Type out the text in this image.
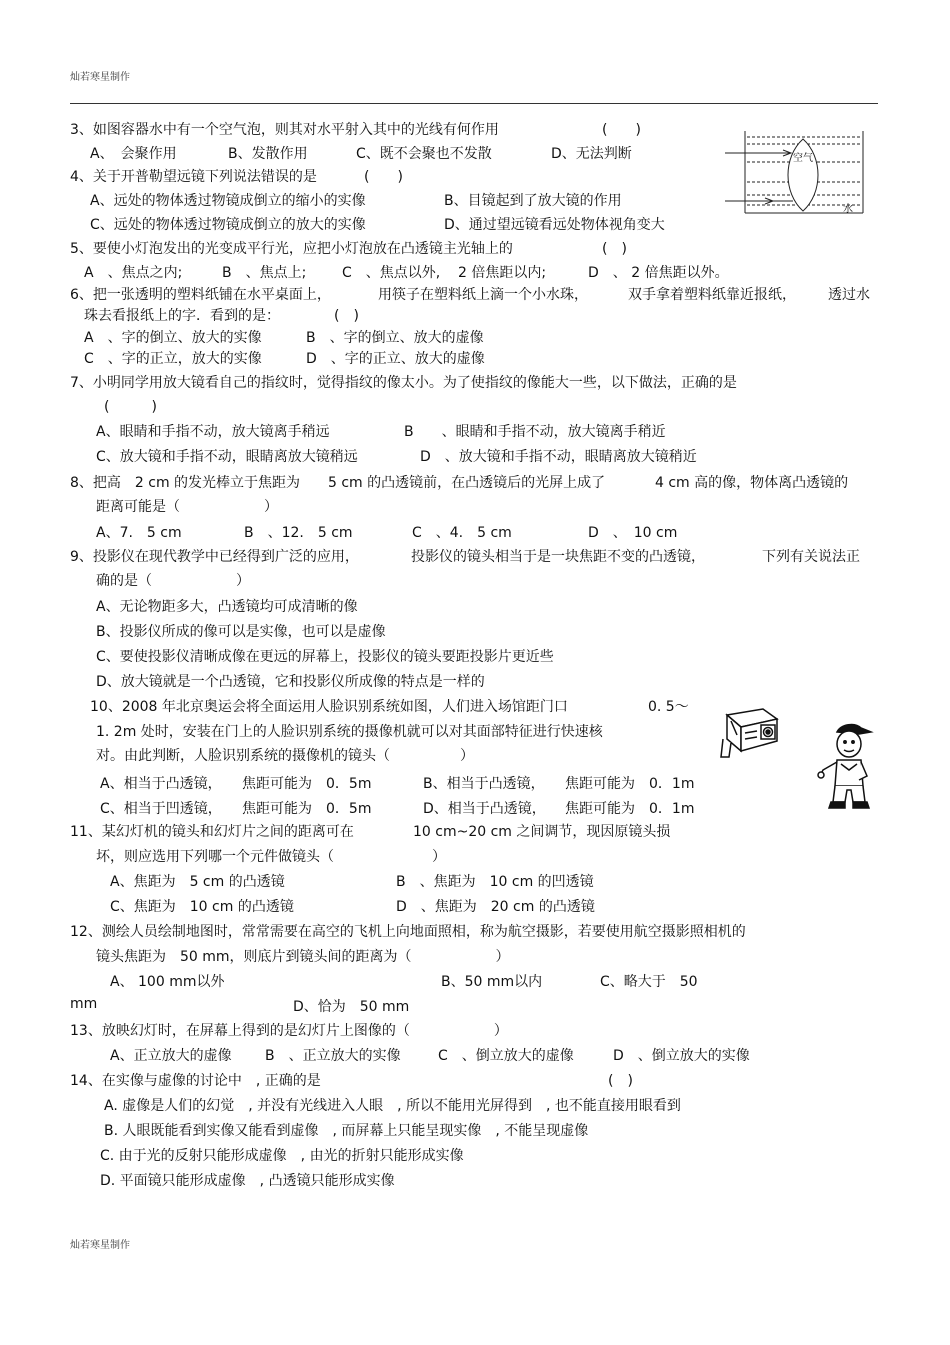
灿若寒星制作
3、如图容器水中有一个空气泡，则其对水平射入其中的光线有何作用	(　　)
A、　会聚作用	B、发散作用	C、既不会聚也不发散	D、无法判断	空气
水
4、关于开普勒望远镜下列说法错误的是	(　　)
A、远处的物体透过物镜成倒立的缩小的实像	B、目镜起到了放大镜的作用
C、远处的物体透过物镜成倒立的放大的实像	D、通过望远镜看远处物体视角变大
5、要使小灯泡发出的光变成平行光，应把小灯泡放在凸透镜主光轴上的	(　)
A　、焦点之内;	B　、焦点上;	C　、焦点以外, 2 倍焦距以内;	D　、 2 倍焦距以外。
6、把一张透明的塑料纸铺在水平桌面上，	用筷子在塑料纸上滴一个小水珠，	双手拿着塑料纸靠近报纸， 透过水
珠去看报纸上的字．看到的是：	(　)
A　、字的倒立、放大的实像	B　、字的倒立、放大的虚像
C　、字的正立，放大的实像	D　、字的正立、放大的虚像
7、小明同学用放大镜看自己的指纹时，觉得指纹的像太小。为了使指纹的像能大一些，以下做法，正确的是
(　　　)
A、眼睛和手指不动，放大镜离手稍远	B　　、眼睛和手指不动，放大镜离手稍近
C、放大镜和手指不动，眼睛离放大镜稍远	D　、放大镜和手指不动，眼睛离放大镜稍近
8、把高　2 cm 的发光棒立于焦距为 5 cm 的凸透镜前，在凸透镜后的光屏上成了	4 cm 高的像，物体离凸透镜的
距离可能是（　　　　　　）
A、7.　5 cm	B　、12.　5 cm	C　、4.　5 cm	D　、　10 cm
9、投影仪在现代教学中已经得到广泛的应用，	投影仪的镜头相当于是一块焦距不变的凸透镜，	下列有关说法正
确的是（　　　　　　）
A、无论物距多大，凸透镜均可成清晰的像
B、投影仪所成的像可以是实像，也可以是虚像
C、要使投影仪清晰成像在更远的屏幕上，投影仪的镜头要距投影片更近些
D、放大镜就是一个凸透镜，它和投影仪所成像的特点是一样的
10、2008 年北京奥运会将全面运用人脸识别系统如图，人们进入场馆距门口	0. 5～
1. 2m 处时，安装在门上的人脸识别系统的摄像机就可以对其面部特征进行快速核
对。由此判断，人脸识别系统的摄像机的镜头（　　　　　）
A、相当于凸透镜， 焦距可能为　0．5m	B、相当于凸透镜， 焦距可能为　0．1m
C、相当于凹透镜， 焦距可能为　0．5m	D、相当于凸透镜， 焦距可能为　0．1m
11、某幻灯机的镜头和幻灯片之间的距离可在	10 cm~20 cm 之间调节，现因原镜头损
坏，则应选用下列哪一个元件做镜头（　　　　　　　）
A、焦距为　5 cm 的凸透镜	B　、焦距为　10 cm 的凹透镜
C、焦距为　10 cm 的凸透镜	D　、焦距为　20 cm 的凸透镜
12、测绘人员绘制地图时，常常需要在高空的飞机上向地面照相，称为航空摄影，若要使用航空摄影照相机的
镜头焦距为　50 mm，则底片到镜头间的距离为（　　　　　　）
A、 100 mm以外	B、50 mm以内	C、略大于　50
mm	D、恰为　50 mm
13、放映幻灯时，在屏幕上得到的是幻灯片上图像的（　　　　　　）
A、正立放大的虚像 B　、正立放大的实像	C　、倒立放大的虚像	D　、倒立放大的实像
14、在实像与虚像的讨论中　, 正确的是	(　)
A. 虚像是人们的幻觉　, 并没有光线进入人眼　, 所以不能用光屏得到　, 也不能直接用眼看到
B. 人眼既能看到实像又能看到虚像　, 而屏幕上只能呈现实像　, 不能呈现虚像
C. 由于光的反射只能形成虚像　, 由光的折射只能形成实像
D. 平面镜只能形成虚像　, 凸透镜只能形成实像
灿若寒星制作
